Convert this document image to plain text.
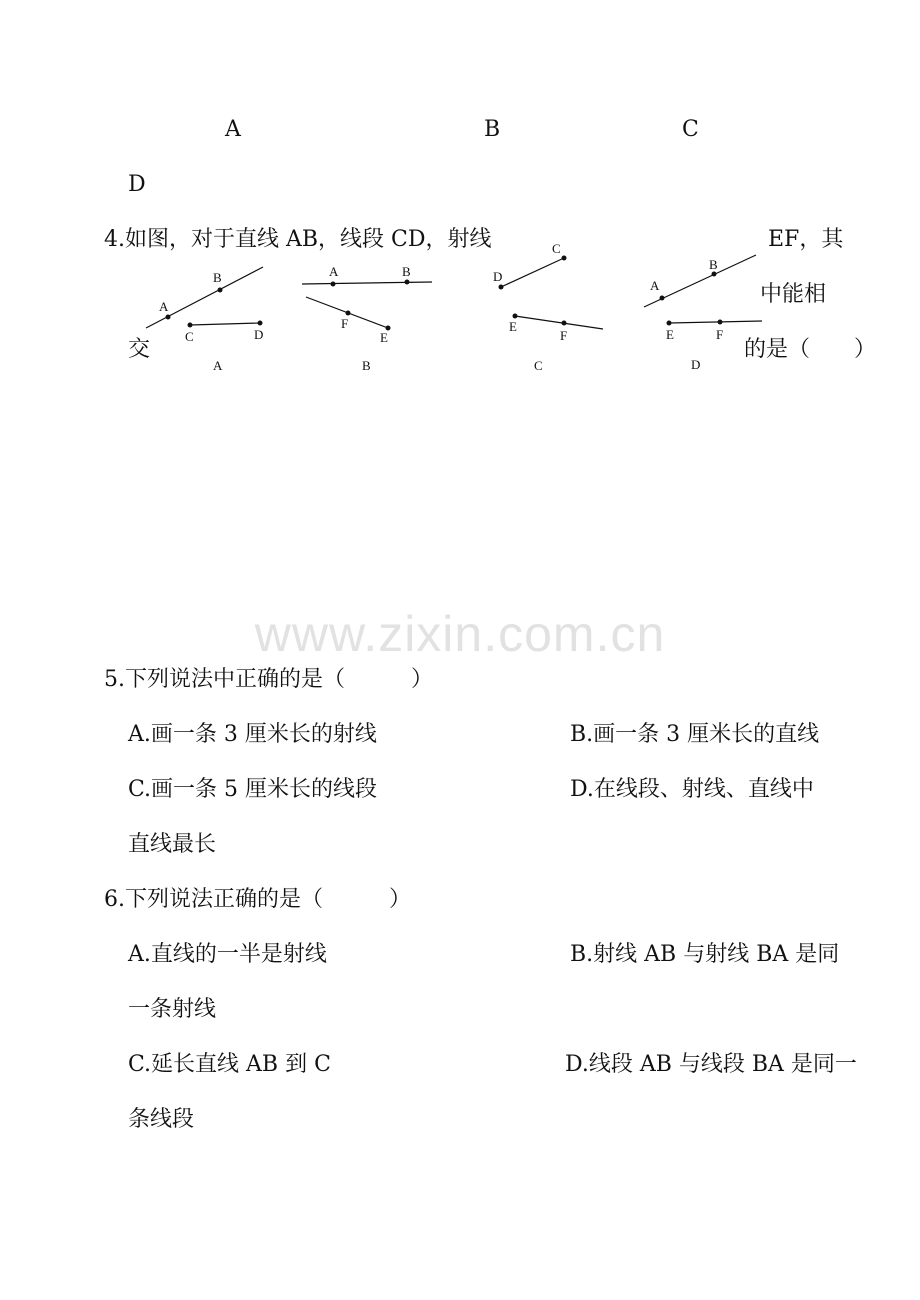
A	B	C
D
4.如图，对于直线 AB，线段 CD，射线	EF，其
中能相
交	的是（　　）
A
B
C	D
A
A	B
F
E
B
D
C
E
F
C
A
B
E	F
D
www.zixin.com.cn
5.下列说法中正确的是（　　　）
A.画一条 3 厘米长的射线	B.画一条 3 厘米长的直线
C.画一条 5 厘米长的线段	D.在线段、射线、直线中
直线最长
6.下列说法正确的是（　　　）
A.直线的一半是射线	B.射线 AB 与射线 BA 是同
一条射线
C.延长直线 AB 到 C	D.线段 AB 与线段 BA 是同一
条线段
